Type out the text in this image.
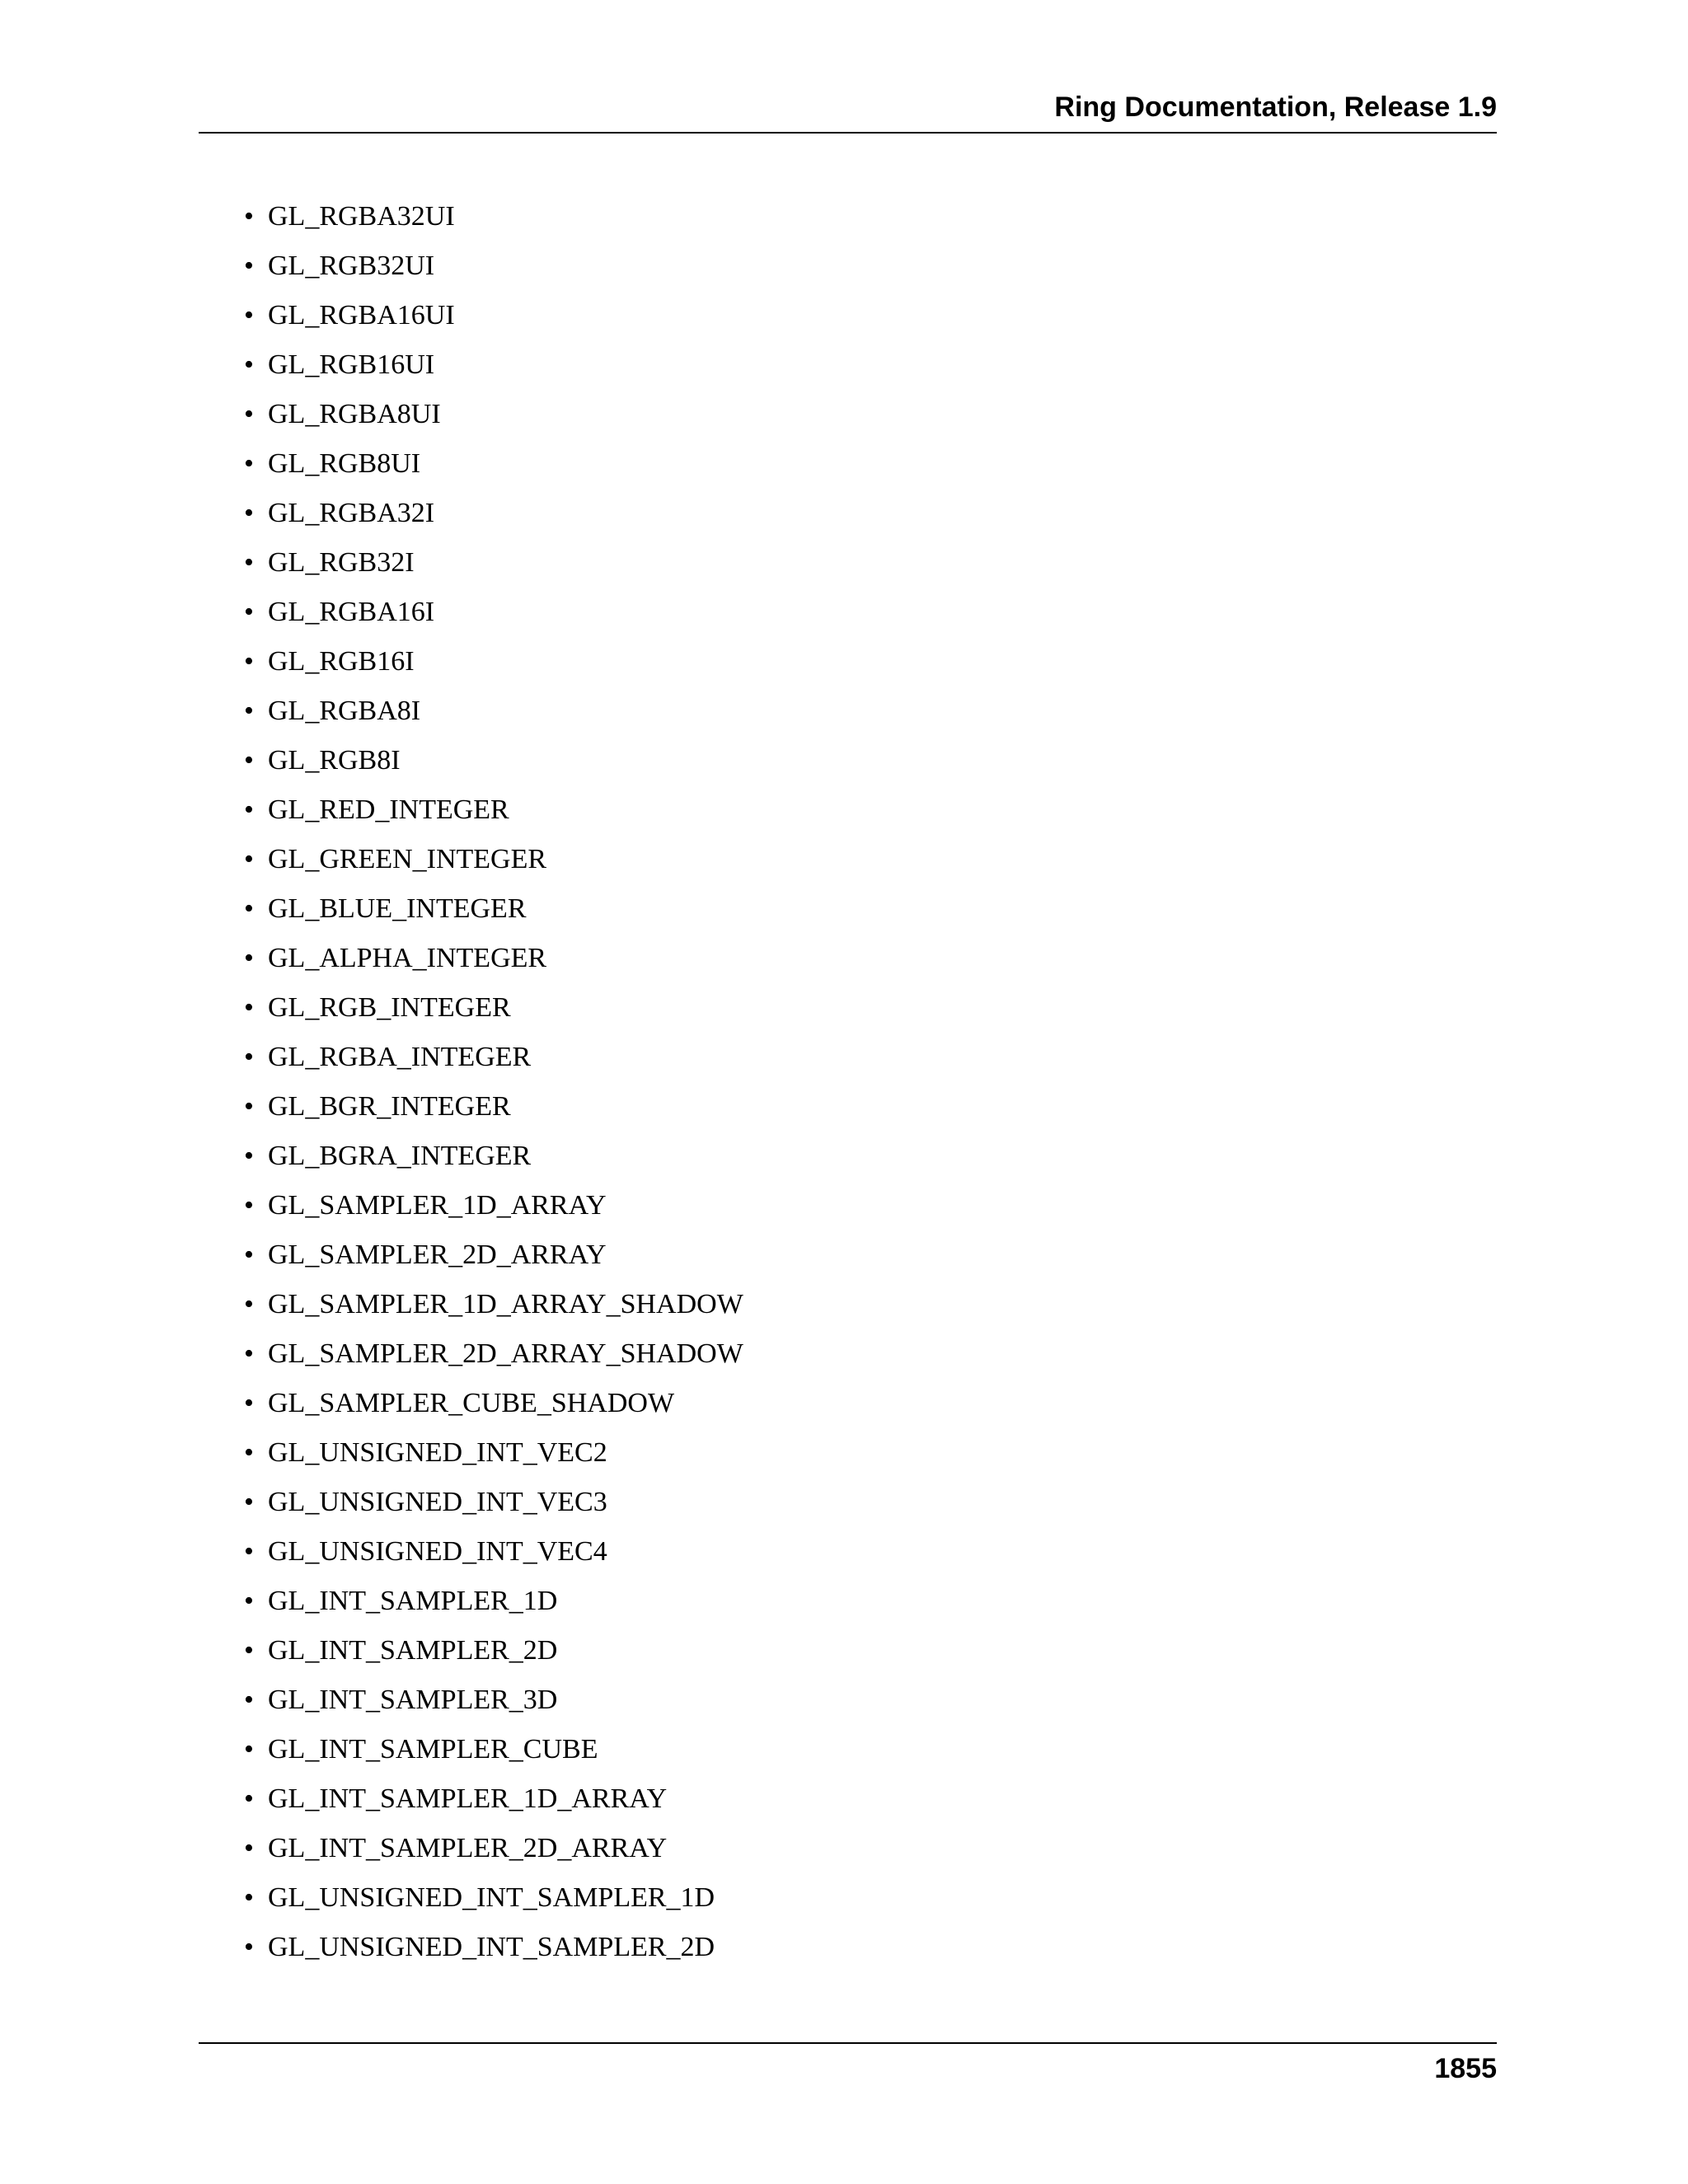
Ring Documentation, Release 1.9
• GL_RGBA32UI
• GL_RGB32UI
• GL_RGBA16UI
• GL_RGB16UI
• GL_RGBA8UI
• GL_RGB8UI
• GL_RGBA32I
• GL_RGB32I
• GL_RGBA16I
• GL_RGB16I
• GL_RGBA8I
• GL_RGB8I
• GL_RED_INTEGER
• GL_GREEN_INTEGER
• GL_BLUE_INTEGER
• GL_ALPHA_INTEGER
• GL_RGB_INTEGER
• GL_RGBA_INTEGER
• GL_BGR_INTEGER
• GL_BGRA_INTEGER
• GL_SAMPLER_1D_ARRAY
• GL_SAMPLER_2D_ARRAY
• GL_SAMPLER_1D_ARRAY_SHADOW
• GL_SAMPLER_2D_ARRAY_SHADOW
• GL_SAMPLER_CUBE_SHADOW
• GL_UNSIGNED_INT_VEC2
• GL_UNSIGNED_INT_VEC3
• GL_UNSIGNED_INT_VEC4
• GL_INT_SAMPLER_1D
• GL_INT_SAMPLER_2D
• GL_INT_SAMPLER_3D
• GL_INT_SAMPLER_CUBE
• GL_INT_SAMPLER_1D_ARRAY
• GL_INT_SAMPLER_2D_ARRAY
• GL_UNSIGNED_INT_SAMPLER_1D
• GL_UNSIGNED_INT_SAMPLER_2D
1855
